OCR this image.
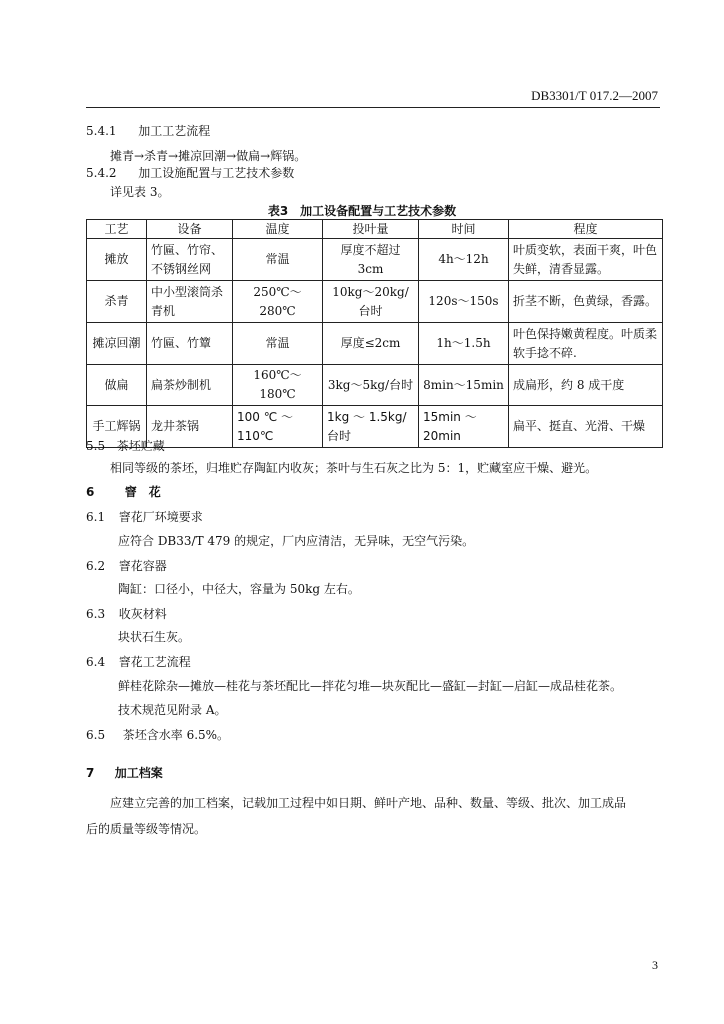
DB3301/T 017.2—2007
5.4.1 加工工艺流程
摊青→杀青→摊凉回潮→做扁→辉锅。
5.4.2 加工设施配置与工艺技术参数
详见表 3。
表3　加工设备配置与工艺技术参数
工艺	设备	温度	投叶量	时间	程度
摊放	竹匾、竹帘、不锈钢丝网	常温	厚度不超过 3cm	4h～12h	叶质变软，表面干爽，叶色失鲜，清香显露。
杀青	中小型滚筒杀青机	250℃～280℃	10kg～20kg/台时	120s～150s	折茎不断，色黄绿，香露。
摊凉回潮	竹匾、竹簟	常温	厚度≤2cm	1h～1.5h	叶色保持嫩黄程度。叶质柔软手捻不碎.
做扁	扁茶炒制机	160℃～180℃	3kg～5kg/台时	8min～15min	成扁形，约 8 成干度
手工辉锅	龙井茶锅	100 ℃ ～ 110℃	1kg ～ 1.5kg/台时	15min ～ 20min	扁平、挺直、光滑、干燥
5.5 茶坯贮藏
相同等级的茶坯，归堆贮存陶缸内收灰；茶叶与生石灰之比为 5：1，贮藏室应干燥、避光。
6	窨　花
6.1 窨花厂环境要求
应符合 DB33/T 479 的规定，厂内应清洁，无异味，无空气污染。
6.2 窨花容器
陶缸：口径小，中径大，容量为 50kg 左右。
6.3 收灰材料
块状石生灰。
6.4 窨花工艺流程
鲜桂花除杂—摊放—桂花与茶坯配比—拌花匀堆—块灰配比—盛缸—封缸—启缸—成品桂花茶。
技术规范见附录 A。
6.5 茶坯含水率 6.5%。
7 加工档案
应建立完善的加工档案，记载加工过程中如日期、鲜叶产地、品种、数量、等级、批次、加工成品
后的质量等级等情况。
3
